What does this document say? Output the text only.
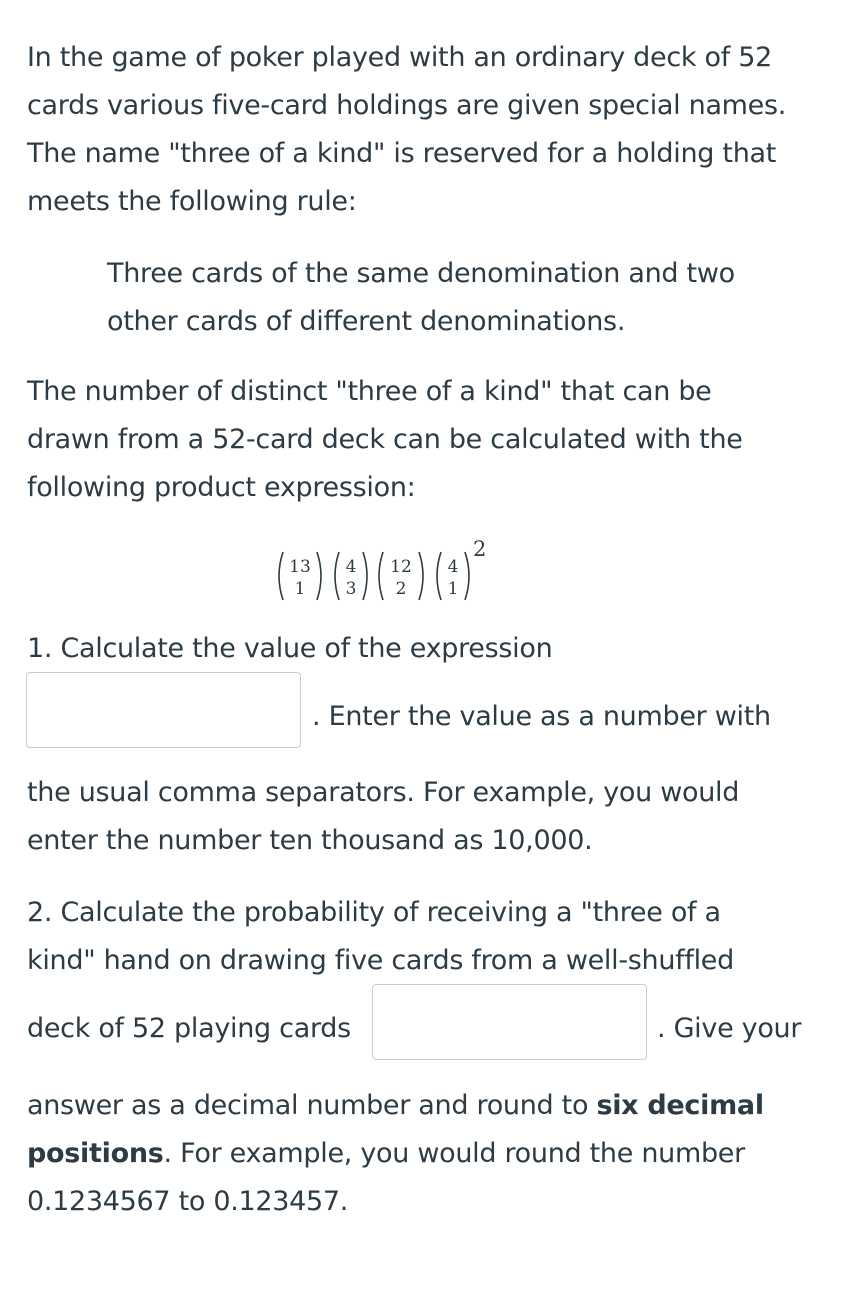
In the game of poker played with an ordinary deck of 52
cards various five-card holdings are given special names.
The name "three of a kind" is reserved for a holding that
meets the following rule:

Three cards of the same denomination and two
other cards of different denominations.

The number of distinct "three of a kind" that can be
drawn from a 52-card deck can be calculated with the
following product expression:

13
1
4
3
12
2
4
1
2
1. Calculate the value of the expression
. Enter the value as a number with
the usual comma separators. For example, you would
enter the number ten thousand as 10,000.
2. Calculate the probability of receiving a "three of a
kind" hand on drawing five cards from a well-shuffled
deck of 52 playing cards	. Give your
answer as a decimal number and round to six decimal
positions. For example, you would round the number
0.1234567 to 0.123457.
